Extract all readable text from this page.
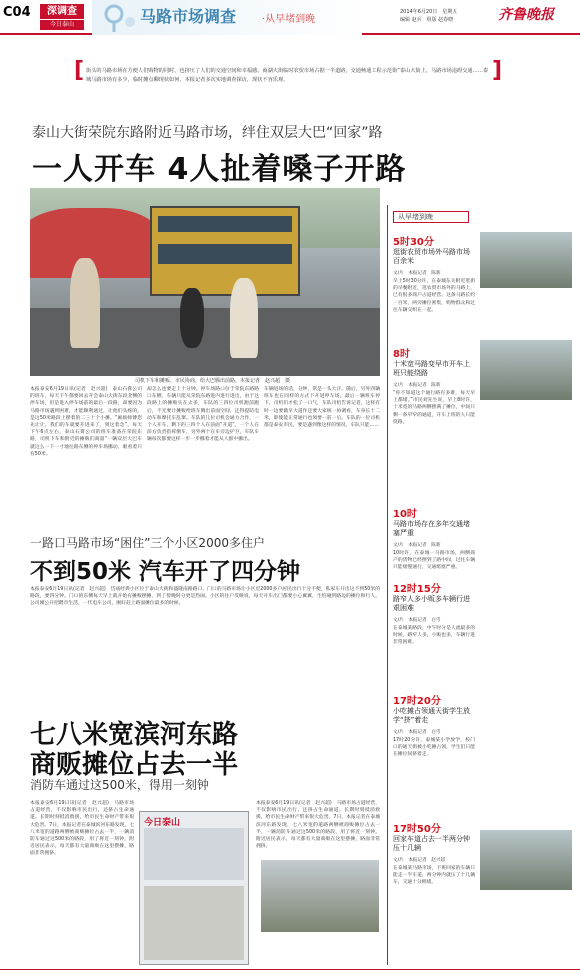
C04	深调查
今日泰山	马路市场调查	·从早堵到晚
2014年6月20日　星期五
编辑 赵兵　组版 赵春晓	齐鲁晚报
[	]
街头的马路市场在方便人们购物的同时，也挤压了人们的交通空间和幸福感。商湖大街临时农贸市场占据一半道路，交通畅通工程示范街“泰山大街上，马路市场违碍交通……泰城马路市场有多少，临时摊点聊现状如何，本报记者多次实地调查探访，现状不容乐观。
泰山大街荣院东路附近马路市场，绊住双层大巴“回家”路
一人开车 4人扯着嗓子开路
司机下车和摊贩、市民协商，给大巴腾出前路。本报记者　赵兴超　摄
本报泰安6月19日讯(记者　赵兴超)　泰山石膏公司的班车，每天下午都要回去开会泰山大街东段北侧的停车场，但是进入停车场前的最后一段路，却要因为马路市场遇到困难，才能顺利通过，让他们头疼的，是这50米路段上摆着的二三十个小摊。“麻烦师傅您先让让，我们的车就要开进来了，到这着急”，每天下午6点左右，泰山石膏公司的班车准备在荣院东路，司机下车和附近的摊贩们商量“一辆双层大巴车就这么一下一寸地往路东侧的停车场挪动，眼看着只有50米。
却怎么也要走上十分钟。停车场路口位于荣院东路路口东侧，车辆只能从荣院东路进内进行进出，由于这段路上的摊贩实在太多，车队的三四位司机跑前跑后，不光要让摊贩给班车腾出前面空间，还得提防电动车和摩托车乱窜。车队的几位司机会通力合作，一个人开车，剩下的三四个人在前面“开道”，一个人在前方负责指挥倒车，另外两个在车旁边护卫，车队车辆每次都要这样一步一步挪着才能从人群中挪出。
车辆进场的话，分钟，常是一头大汗。随后，另外四辆班车也在同样的方式下开进停车场。最后一辆班车停下，司机们才松了一口气，车队司机告诉记者，这样有时一边要做早大道作还要大家统一协调看，车身长十二米，即使能正常通行也须要一前一后。车队的一位司机都是泰安市民，要是遇到像这样的情况，车队只能……
从早堵到晚
5时30分
逛街农贸市场外马路市场百余米
文/片　本报记者　陈新
早上5时30分许，在泰城东关附近逛街的早餐附近，逛农贸市场外的马路上，已有很多商户占道经营。这条马路长约一百米，两旁摊位密集，购物群众和过往车辆交织在一起。
8时
十米宽马路变早市开车上班只能绕路
文/片　本报记者　陈新
“你不知道这个通行路有多难，每天早上都堵。”市民刘先生说，早上8时许，十米宽的马路两侧摆满了摊位，中间只剩一条窄窄的通道，开车上班的人只能绕路。
10时
马路市场存在多年交通堵塞严重
文/片　本报记者　陈新
10时许，在泰城一马路市场，两侧商户的货物已经摆到了路中间，过往车辆只能缓慢通行，交通堵塞严重。
12时15分
路窄人多小贩多车辆行进艰困难
文/片　本报记者　白雪
在泰城某路段，中午时分是人流最多的时候，路窄人多，小贩也多，车辆行进非常困难。
17时20分
小吃摊占领通天街学生放学“挤”着走
文/片　本报记者　白雪
17时20分许，泰城某小学放学，校门口的通天街被小吃摊占领，学生们只能在摊位间挤着走。
17时50分
回家车道占去一半两分钟压十几辆
文/片　本报记者　赵兴超
在泰城某马路市场，下班回家的车辆只能走一半车道，两分钟内就压了十几辆车，交通十分拥堵。
一路口马路市场“困住”三个小区2000多住户
不到50米 汽车开了四分钟
本报泰安6月19日讯(记者　赵兴超)　岱庙经典小区位于泰山大街和盛隆南路路口，门口的马路市场让小区近2000多户居民出行十分不便，私家车开出这不到50米的路段，要四分钟。门口的东侧每天早上就开始有摊贩摆摊，到了傍晚时分更是热闹。小区的住户反映说，每天开车出门都要小心翼翼，生怕碰到路边的摊位和行人。公司刚公开招聘市生活，一代电车公司，刚好赶上路面摊位最多的时候。
七八米宽滨河东路
商贩摊位占去一半
消防车通过这500米，得用一刻钟
本报泰安6月19日讯(记者　赵兴超)　马路市场占道经营，不仅影响市民出行，还挤占生命通道。长期时刻抵消救援，给市民生命财产带来很大危害。7日，本报记者在泰城滨河东路发现，七八米宽的道路两侧被商贩摊位占去一半，一辆消防车通过这500米的路段，用了将近一刻钟。附近居民表示，每天都有大量商贩在这里摆摊，路面非常拥挤。
今日泰山
本报泰安6月19日讯(记者　赵兴超)　马路市场占道经营，不仅影响市民出行，还挤占生命通道。长期时刻抵消救援，给市民生命财产带来很大危害。7日，本报记者在泰城滨河东路发现，七八米宽的道路两侧被商贩摊位占去一半，一辆消防车通过这500米的路段，用了将近一刻钟。附近居民表示，每天都有大量商贩在这里摆摊，路面非常拥挤。
